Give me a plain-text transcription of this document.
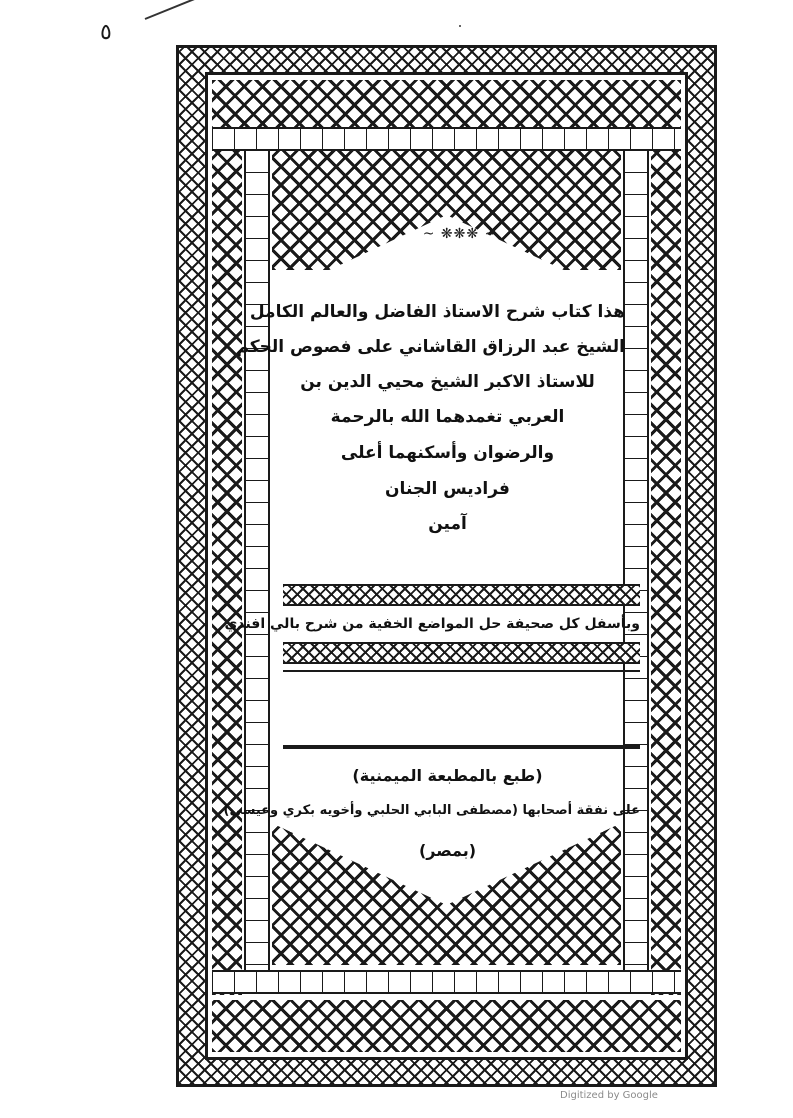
٥
~ ❋❋❋ ~
هذا كتاب شرح الاستاذ الفاضل والعالم الكامل
الشيخ عبد الرزاق القاشاني على فصوص الحكم
للاستاذ الاكبر الشيخ محيي الدين بن
العربي تغمدهما الله بالرحمة
والرضوان وأسكنهما أعلى
فراديس الجنان
آمين
وبأسفل كل صحيفة حل المواضع الخفية من شرح بالي افندي
(طبع بالمطبعة الميمنية)
على نفقة أصحابها (مصطفى البابي الحلبي وأخويه بكري وعيسى)
(بمصر)
Digitized by Google
